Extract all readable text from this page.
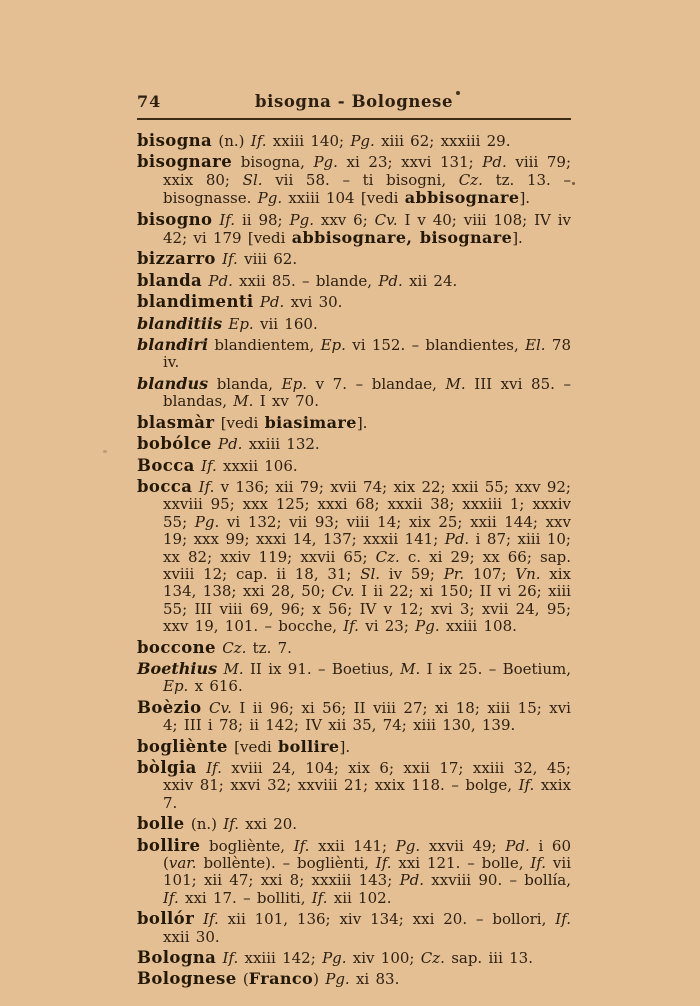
74	bisogna - Bolognese

bisogna (n.) If. xxiii 140; Pg. xiii 62; xxxiii 29.

bisognare bisogna, Pg. xi 23; xxvi 131; Pd. viii 79; xxix 80; Sl. vii 58. – ti bisogni, Cz. tz. 13. – bisognasse. Pg. xxiii 104 [vedi abbisognare].

bisogno If. ii 98; Pg. xxv 6; Cv. I v 40; viii 108; IV iv 42; vi 179 [vedi abbisognare, bisognare].

bizzarro If. viii 62.

blanda Pd. xxii 85. – blande, Pd. xii 24.

blandimenti Pd. xvi 30.

blanditiis Ep. vii 160.

blandiri blandientem, Ep. vi 152. – blandientes, El. 78 iv.

blandus blanda, Ep. v 7. – blandae, M. III xvi 85. – blandas, M. I xv 70.

blasmàr [vedi biasimare].

bobólce Pd. xxiii 132.

Bocca If. xxxii 106.

bocca If. v 136; xii 79; xvii 74; xix 22; xxii 55; xxv 92; xxviii 95; xxx 125; xxxi 68; xxxii 38; xxxiii 1; xxxiv 55; Pg. vi 132; vii 93; viii 14; xix 25; xxii 144; xxv 19; xxx 99; xxxi 14, 137; xxxii 141; Pd. i 87; xiii 10; xx 82; xxiv 119; xxvii 65; Cz. c. xi 29; xx 66; sap. xviii 12; cap. ii 18, 31; Sl. iv 59; Pr. 107; Vn. xix 134, 138; xxi 28, 50; Cv. I ii 22; xi 150; II vi 26; xiii 55; III viii 69, 96; x 56; IV v 12; xvi 3; xvii 24, 95; xxv 19, 101. – bocche, If. vi 23; Pg. xxiii 108.

boccone Cz. tz. 7.

Boethius M. II ix 91. – Boetius, M. I ix 25. – Boetium, Ep. x 616.

Boèzio Cv. I ii 96; xi 56; II viii 27; xi 18; xiii 15; xvi 4; III i 78; ii 142; IV xii 35, 74; xiii 130, 139.

bogliènte [vedi bollire].

bòlgia If. xviii 24, 104; xix 6; xxii 17; xxiii 32, 45; xxiv 81; xxvi 32; xxviii 21; xxix 118. – bolge, If. xxix 7.

bolle (n.) If. xxi 20.

bollire bogliènte, If. xxii 141; Pg. xxvii 49; Pd. i 60 (var. bollènte). – bogliènti, If. xxi 121. – bolle, If. vii 101; xii 47; xxi 8; xxxiii 143; Pd. xxviii 90. – bollía, If. xxi 17. – bolliti, If. xii 102.

bollór If. xii 101, 136; xiv 134; xxi 20. – bollori, If. xxii 30.

Bologna If. xxiii 142; Pg. xiv 100; Cz. sap. iii 13.

Bolognese (Franco) Pg. xi 83.
